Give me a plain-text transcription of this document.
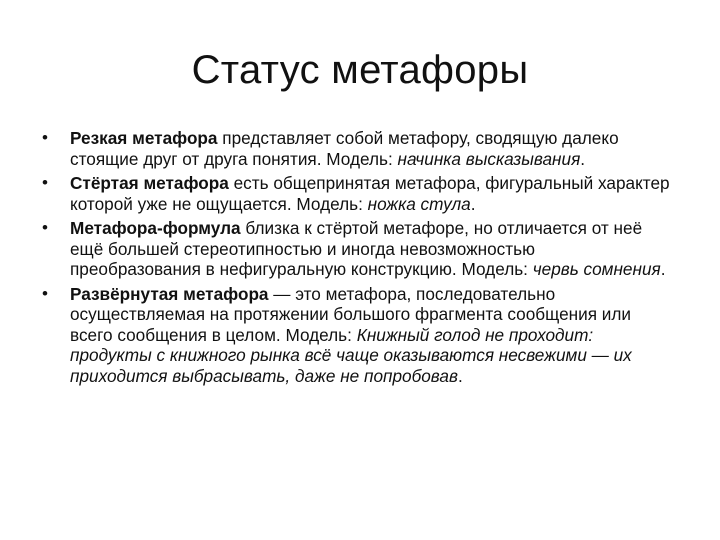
Статус метафоры
• Резкая метафора представляет собой метафору, сводящую далеко стоящие друг от друга понятия. Модель: начинка высказывания.
• Стёртая метафора есть общепринятая метафора, фигуральный характер которой уже не ощущается. Модель: ножка стула.
• Метафора-формула близка к стёртой метафоре, но отличается от неё ещё большей стереотипностью и иногда невозможностью преобразования в нефигуральную конструкцию. Модель: червь сомнения.
• Развёрнутая метафора — это метафора, последовательно осуществляемая на протяжении большого фрагмента сообщения или всего сообщения в целом. Модель: Книжный голод не проходит: продукты с книжного рынка всё чаще оказываются несвежими — их приходится выбрасывать, даже не попробовав.
